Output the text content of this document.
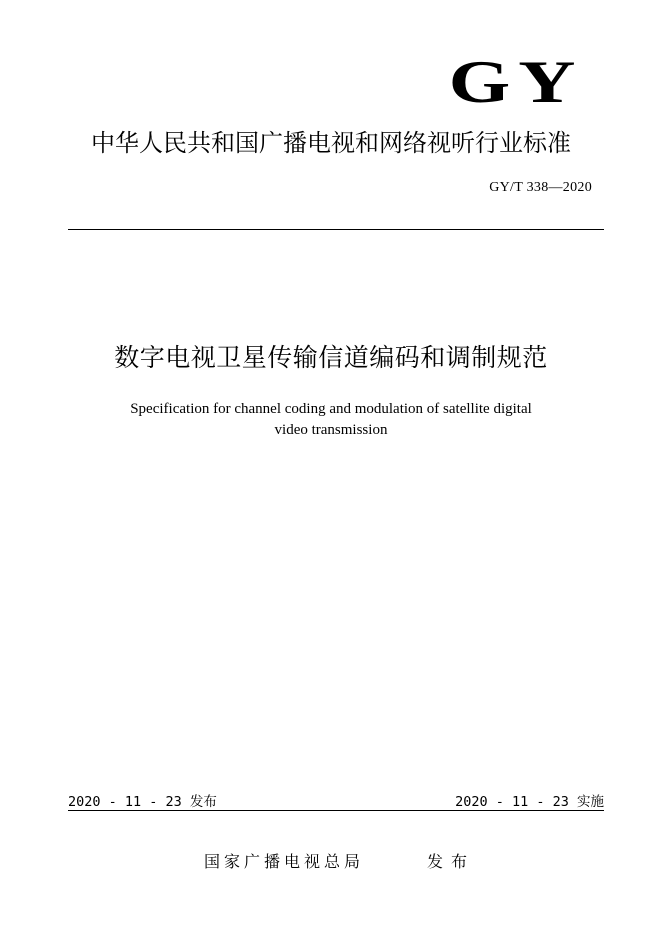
GY
中华人民共和国广播电视和网络视听行业标准
GY/T 338—2020
数字电视卫星传输信道编码和调制规范
Specification for channel coding and modulation of satellite digital
video transmission
2020 - 11 - 23 发布	2020 - 11 - 23 实施
国家广播电视总局	发布
